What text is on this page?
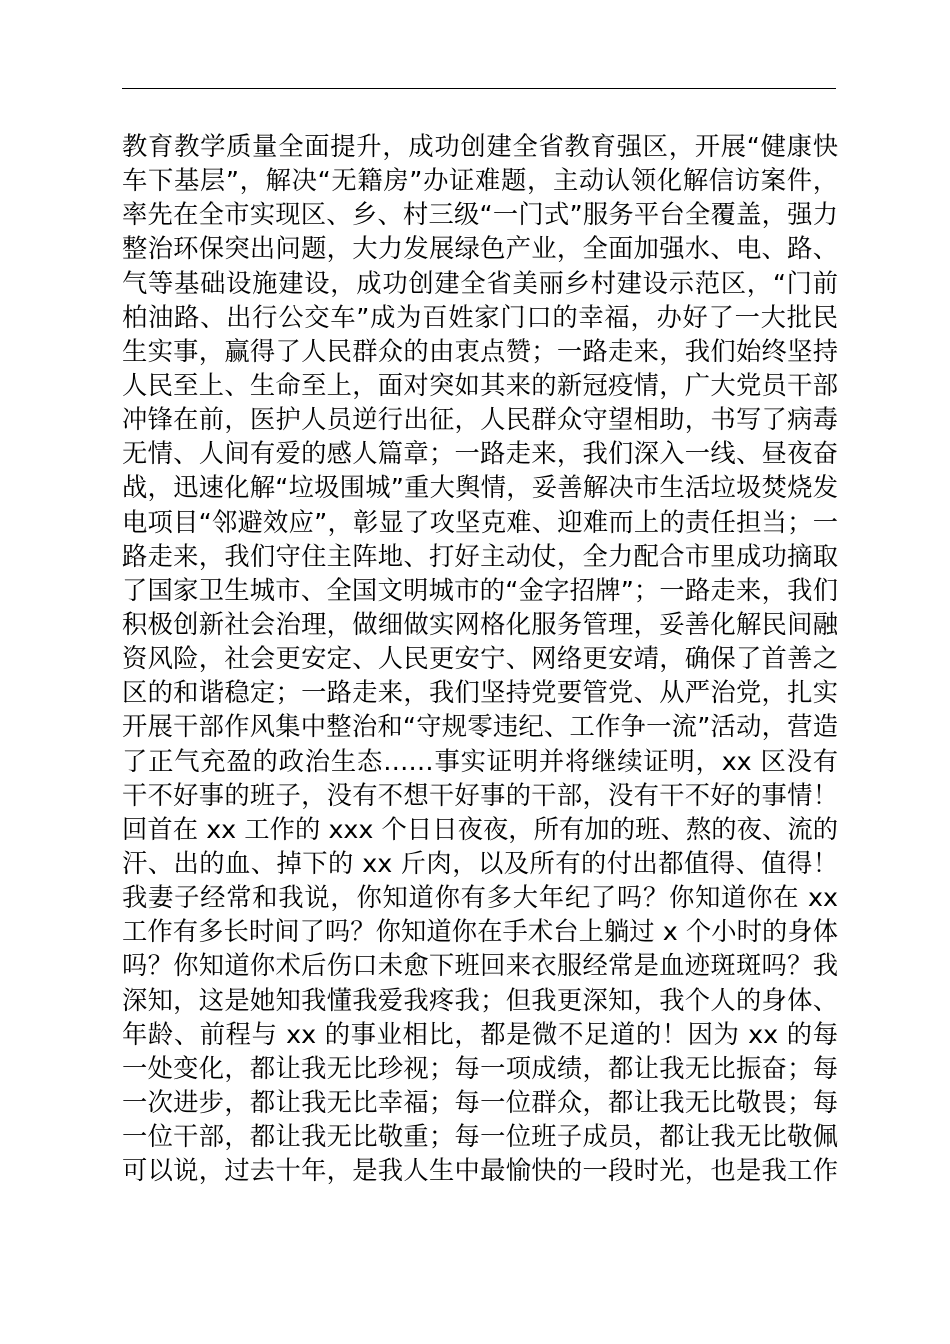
教育教学质量全面提升，成功创建全省教育强区，开展“健康快
车下基层”，解决“无籍房”办证难题，主动认领化解信访案件，
率先在全市实现区、乡、村三级“一门式”服务平台全覆盖，强力
整治环保突出问题，大力发展绿色产业，全面加强水、电、路、
气等基础设施建设，成功创建全省美丽乡村建设示范区，“门前
柏油路、出行公交车”成为百姓家门口的幸福，办好了一大批民
生实事，赢得了人民群众的由衷点赞；一路走来，我们始终坚持
人民至上、生命至上，面对突如其来的新冠疫情，广大党员干部
冲锋在前，医护人员逆行出征，人民群众守望相助，书写了病毒
无情、人间有爱的感人篇章；一路走来，我们深入一线、昼夜奋
战，迅速化解“垃圾围城”重大舆情，妥善解决市生活垃圾焚烧发
电项目“邻避效应”，彰显了攻坚克难、迎难而上的责任担当；一
路走来，我们守住主阵地、打好主动仗，全力配合市里成功摘取
了国家卫生城市、全国文明城市的“金字招牌”；一路走来，我们
积极创新社会治理，做细做实网格化服务管理，妥善化解民间融
资风险，社会更安定、人民更安宁、网络更安靖，确保了首善之
区的和谐稳定；一路走来，我们坚持党要管党、从严治党，扎实
开展干部作风集中整治和“守规零违纪、工作争一流”活动，营造
了正气充盈的政治生态……事实证明并将继续证明，xx 区没有
干不好事的班子，没有不想干好事的干部，没有干不好的事情！
回首在 xx 工作的 xxx 个日日夜夜，所有加的班、熬的夜、流的
汗、出的血、掉下的 xx 斤肉，以及所有的付出都值得、值得！
我妻子经常和我说，你知道你有多大年纪了吗？你知道你在 xx
工作有多长时间了吗？你知道你在手术台上躺过 x 个小时的身体
吗？你知道你术后伤口未愈下班回来衣服经常是血迹斑斑吗？我
深知，这是她知我懂我爱我疼我；但我更深知，我个人的身体、
年龄、前程与 xx 的事业相比，都是微不足道的！因为 xx 的每
一处变化，都让我无比珍视；每一项成绩，都让我无比振奋；每
一次进步，都让我无比幸福；每一位群众，都让我无比敬畏；每
一位干部，都让我无比敬重；每一位班子成员，都让我无比敬佩
可以说，过去十年，是我人生中最愉快的一段时光，也是我工作
